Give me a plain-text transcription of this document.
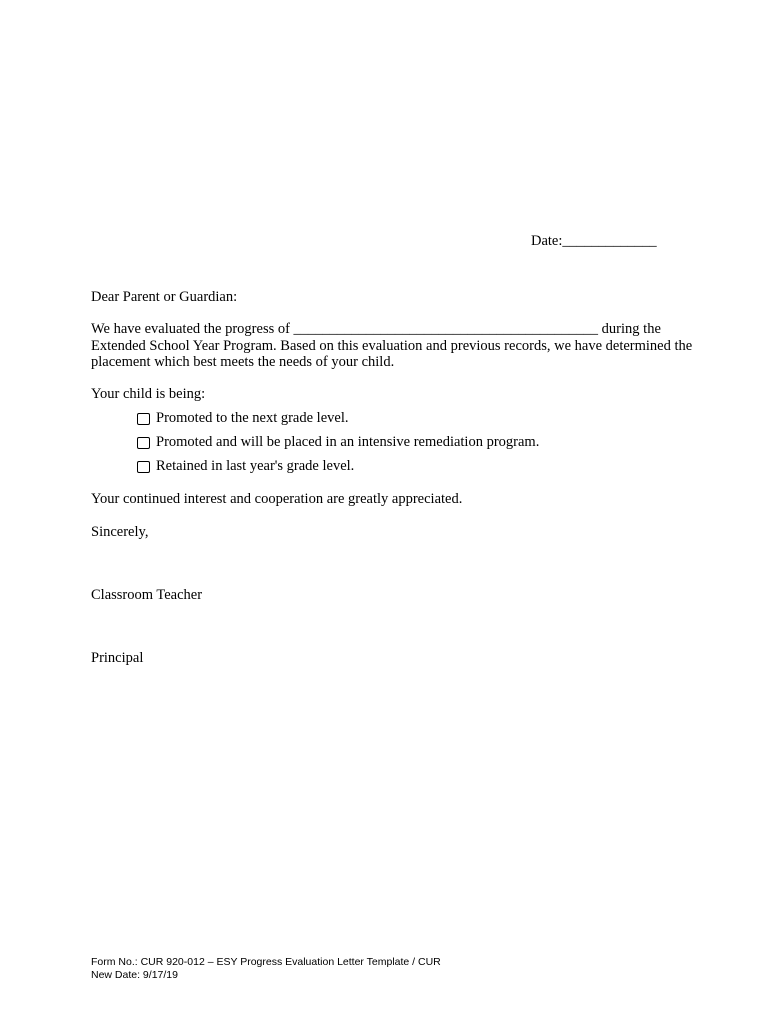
Date:_____________
Dear Parent or Guardian:
We have evaluated the progress of __________________________________________ during the
Extended School Year Program. Based on this evaluation and previous records, we have determined the
placement which best meets the needs of your child.
Your child is being:
Promoted to the next grade level.
Promoted and will be placed in an intensive remediation program.
Retained in last year's grade level.
Your continued interest and cooperation are greatly appreciated.
Sincerely,
Classroom Teacher
Principal
Form No.: CUR 920-012 – ESY Progress Evaluation Letter Template / CUR
New Date: 9/17/19
